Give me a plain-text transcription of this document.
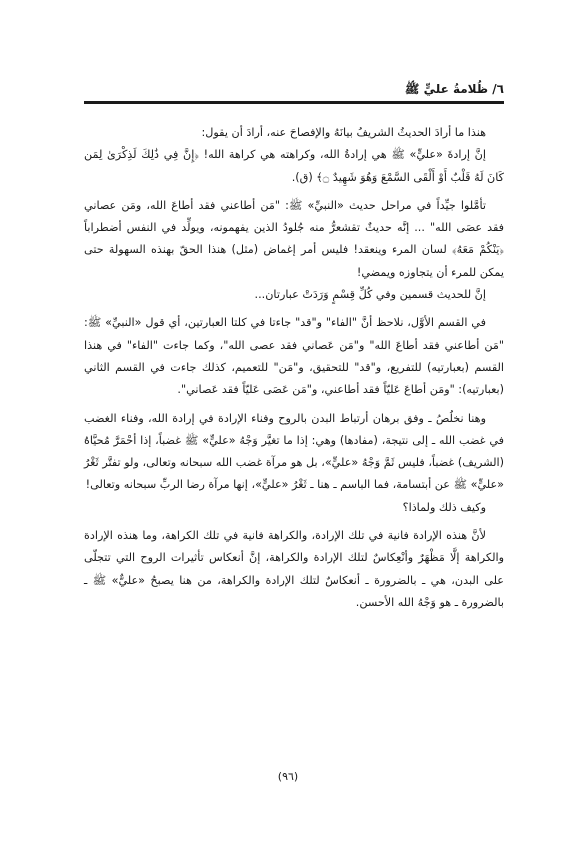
٦/ ظُلامةُ عليٍّ ﷺ

هنذا ما أرادَ الحديثُ الشريفُ بيانَهُ والإفصاحَ عنه، أرادَ أن يقول:

إنَّ إرادةَ «عليٍّ» ﷺ هي إرادةُ الله، وكراهته هي كراهة الله! ﴿إِنَّ فِي ذَٰلِكَ لَذِكْرَىٰ لِمَن كَانَ لَهُ قَلْبٌ أَوْ أَلْقَى السَّمْعَ وَهُوَ شَهِيدٌ ۝﴾ (ق).

تأمَّلوا جيِّداً في مراحل حديث «النبيِّ» ﷺ: "مَن أطاعني فقد أطاعَ الله، ومَن عصاني فقد عصَى الله" ... إنَّه حديثٌ تقشعرُّ منه جُلودُ الذين يفهمونه، ويولِّد في النفس أضطراباً ﴿يَنْكُمْ مَعَهُ﴾ لسان المرء وينعقد! فليس أمر إغماض (مثل) هنذا الحقّ بهنذه السهولة حتى يمكن للمرء أن يتجاوزه ويمضي!

إنَّ للحديث قسمين وفي كُلِّ قِسْمٍ وَرَدَتْ عبارتان...

في القسم الأوَّل، نلاحظ أنَّ "الفاء" و"قد" جاءتا في كلتا العبارتين، أي قول «النبيِّ» ﷺ: "مَن أطاعني فقد أطاعَ الله" و"مَن عَصاني فقد عصى الله"، وكما جاءت "الفاء" في هنذا القسم (بعبارتيه) للتفريع، و"قد" للتحقيق، و"مَن" للتعميم، كذلك جاءت في القسم الثاني (بعبارتيه): "ومَن أطاعَ عَليّاً فقد أطاعني، و"مَن عَصَى عَليّاً فقد عَصاني".

وهنا نخلُصُ ـ وفق برهان أرتباط البدن بالروح وفناء الإرادة في إرادة الله، وفناء الغضب في غضب الله ـ إلى نتيجة، (مفادها) وهي: إذا ما تغيَّر وَجْهُ «عليٍّ» ﷺ غضباً، إذا أحْمَرَّ مُحيَّاهُ (الشريف) غضباً، فليس ثَمَّ وَجْهُ «عليٍّ»، بل هو مرآة غضب الله سبحانه وتعالى، ولو تفتَّر ثَغْرُ «عليٍّ» ﷺ عن أبتسامة، فما الباسم ـ هنا ـ ثَغْرُ «عليٍّ»، إنها مرآة رضا الربِّ سبحانه وتعالى!

وكيف ذلك ولماذا؟

لأنَّ هنذه الإرادة فانية في تلك الإرادة، والكراهة فانية في تلك الكراهة، وما هنذه الإرادة والكراهة إلَّا مَظْهَرٌ وأنْعِكاسٌ لتلك الإرادة والكراهة، إنَّ أنعكاس تأثيرات الروح التي تتجلّى على البدن، هي ـ بالضرورة ـ أنعكاسٌ لتلك الإرادة والكراهة، من هنا يصبحُ «عليٌّ» ﷺ ـ بالضرورة ـ هو وَجْهُ الله الأحسن.

(٩٦)
